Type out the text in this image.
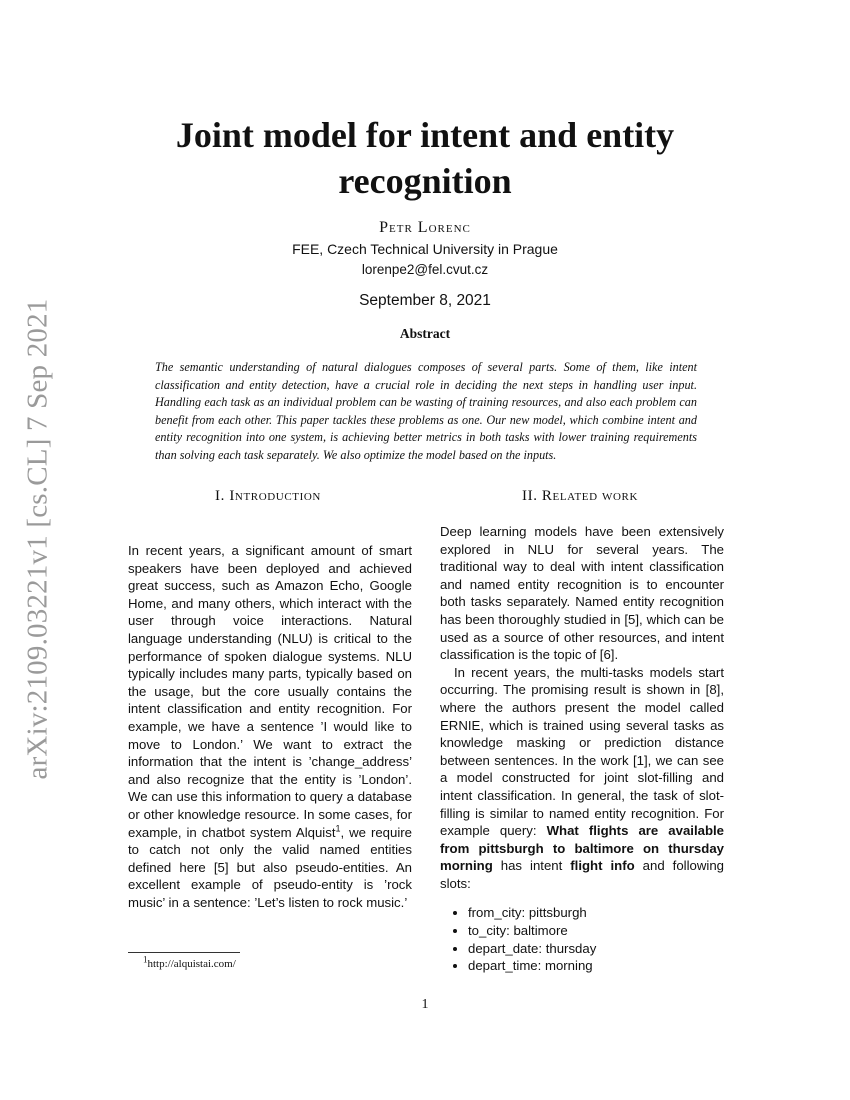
arXiv:2109.03221v1 [cs.CL] 7 Sep 2021
Joint model for intent and entity recognition
Petr Lorenc
FEE, Czech Technical University in Prague
lorenpe2@fel.cvut.cz
September 8, 2021
Abstract
The semantic understanding of natural dialogues composes of several parts. Some of them, like intent classification and entity detection, have a crucial role in deciding the next steps in handling user input. Handling each task as an individual problem can be wasting of training resources, and also each problem can benefit from each other. This paper tackles these problems as one. Our new model, which combine intent and entity recognition into one system, is achieving better metrics in both tasks with lower training requirements than solving each task separately. We also optimize the model based on the inputs.
I. Introduction	II. Related work

In recent years, a significant amount of smart speakers have been deployed and achieved great success, such as Amazon Echo, Google Home, and many others, which interact with the user through voice interactions. Natural language understanding (NLU) is critical to the performance of spoken dialogue systems. NLU typically includes many parts, typically based on the usage, but the core usually contains the intent classification and entity recognition. For example, we have a sentence ’I would like to move to London.’ We want to extract the information that the intent is ’change_address’ and also recognize that the entity is ’London’. We can use this information to query a database or other knowledge resource. In some cases, for example, in chatbot system Alquist$^1$, we require to catch not only the valid named entities defined here [5] but also pseudo-entities. An excellent example of pseudo-entity is ’rock music’ in a sentence: ’Let’s listen to rock music.’

Deep learning models have been extensively explored in NLU for several years. The traditional way to deal with intent classification and named entity recognition is to encounter both tasks separately. Named entity recognition has been thoroughly studied in [5], which can be used as a source of other resources, and intent classification is the topic of [6].

In recent years, the multi-tasks models start occurring. The promising result is shown in [8], where the authors present the model called ERNIE, which is trained using several tasks as knowledge masking or prediction distance between sentences. In the work [1], we can see a model constructed for joint slot-filling and intent classification. In general, the task of slot-filling is similar to named entity recognition. For example query: What flights are available from pittsburgh to baltimore on thursday morning has intent flight info and following slots:

• from_city: pittsburgh
• to_city: baltimore
• depart_date: thursday
• depart_time: morning
$^1$http://alquistai.com/
1
